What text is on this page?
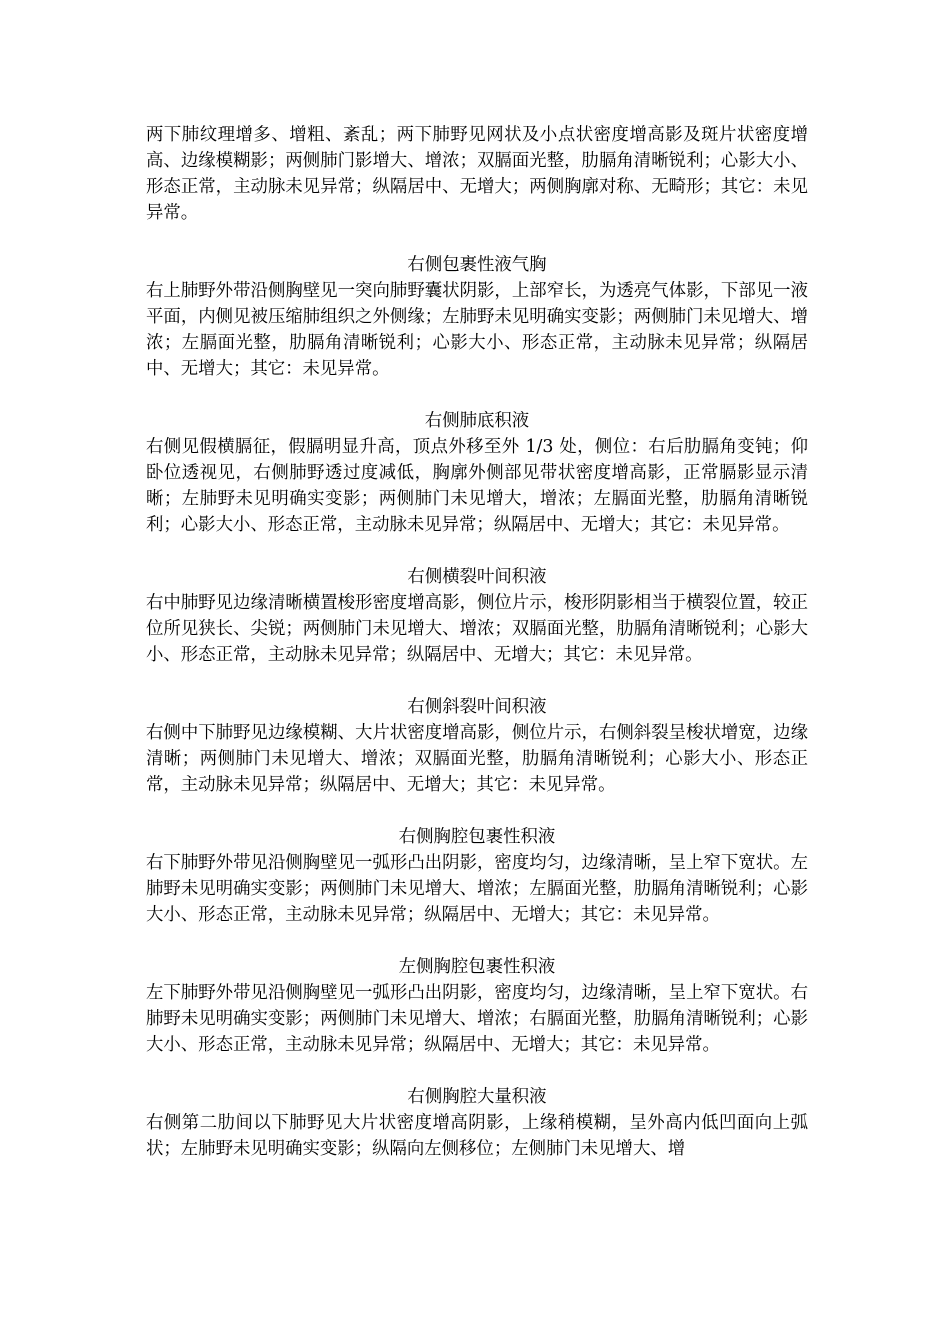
两下肺纹理增多、增粗、紊乱；两下肺野见网状及小点状密度增高影及斑片状密度增高、边缘模糊影；两侧肺门影增大、增浓；双膈面光整，肋膈角清晰锐利；心影大小、形态正常，主动脉未见异常；纵隔居中、无增大；两侧胸廓对称、无畸形；其它：未见异常。

右侧包裹性液气胸

右上肺野外带沿侧胸壁见一突向肺野囊状阴影，上部窄长，为透亮气体影，下部见一液平面，内侧见被压缩肺组织之外侧缘；左肺野未见明确实变影；两侧肺门未见增大、增浓；左膈面光整，肋膈角清晰锐利；心影大小、形态正常，主动脉未见异常；纵隔居中、无增大；其它：未见异常。

右侧肺底积液

右侧见假横膈征，假膈明显升高，顶点外移至外 1/3 处，侧位：右后肋膈角变钝；仰卧位透视见，右侧肺野透过度减低，胸廓外侧部见带状密度增高影，正常膈影显示清晰；左肺野未见明确实变影；两侧肺门未见增大，增浓；左膈面光整，肋膈角清晰锐利；心影大小、形态正常，主动脉未见异常；纵隔居中、无增大；其它：未见异常。

右侧横裂叶间积液

右中肺野见边缘清晰横置梭形密度增高影，侧位片示，梭形阴影相当于横裂位置，较正位所见狭长、尖锐；两侧肺门未见增大、增浓；双膈面光整，肋膈角清晰锐利；心影大小、形态正常，主动脉未见异常；纵隔居中、无增大；其它：未见异常。

右侧斜裂叶间积液

右侧中下肺野见边缘模糊、大片状密度增高影，侧位片示，右侧斜裂呈梭状增宽，边缘清晰；两侧肺门未见增大、增浓；双膈面光整，肋膈角清晰锐利；心影大小、形态正常，主动脉未见异常；纵隔居中、无增大；其它：未见异常。

右侧胸腔包裹性积液

右下肺野外带见沿侧胸壁见一弧形凸出阴影，密度均匀，边缘清晰，呈上窄下宽状。左肺野未见明确实变影；两侧肺门未见增大、增浓；左膈面光整，肋膈角清晰锐利；心影大小、形态正常，主动脉未见异常；纵隔居中、无增大；其它：未见异常。

左侧胸腔包裹性积液

左下肺野外带见沿侧胸壁见一弧形凸出阴影，密度均匀，边缘清晰，呈上窄下宽状。右肺野未见明确实变影；两侧肺门未见增大、增浓；右膈面光整，肋膈角清晰锐利；心影大小、形态正常，主动脉未见异常；纵隔居中、无增大；其它：未见异常。

右侧胸腔大量积液

右侧第二肋间以下肺野见大片状密度增高阴影，上缘稍模糊，呈外高内低凹面向上弧状；左肺野未见明确实变影；纵隔向左侧移位；左侧肺门未见增大、增
